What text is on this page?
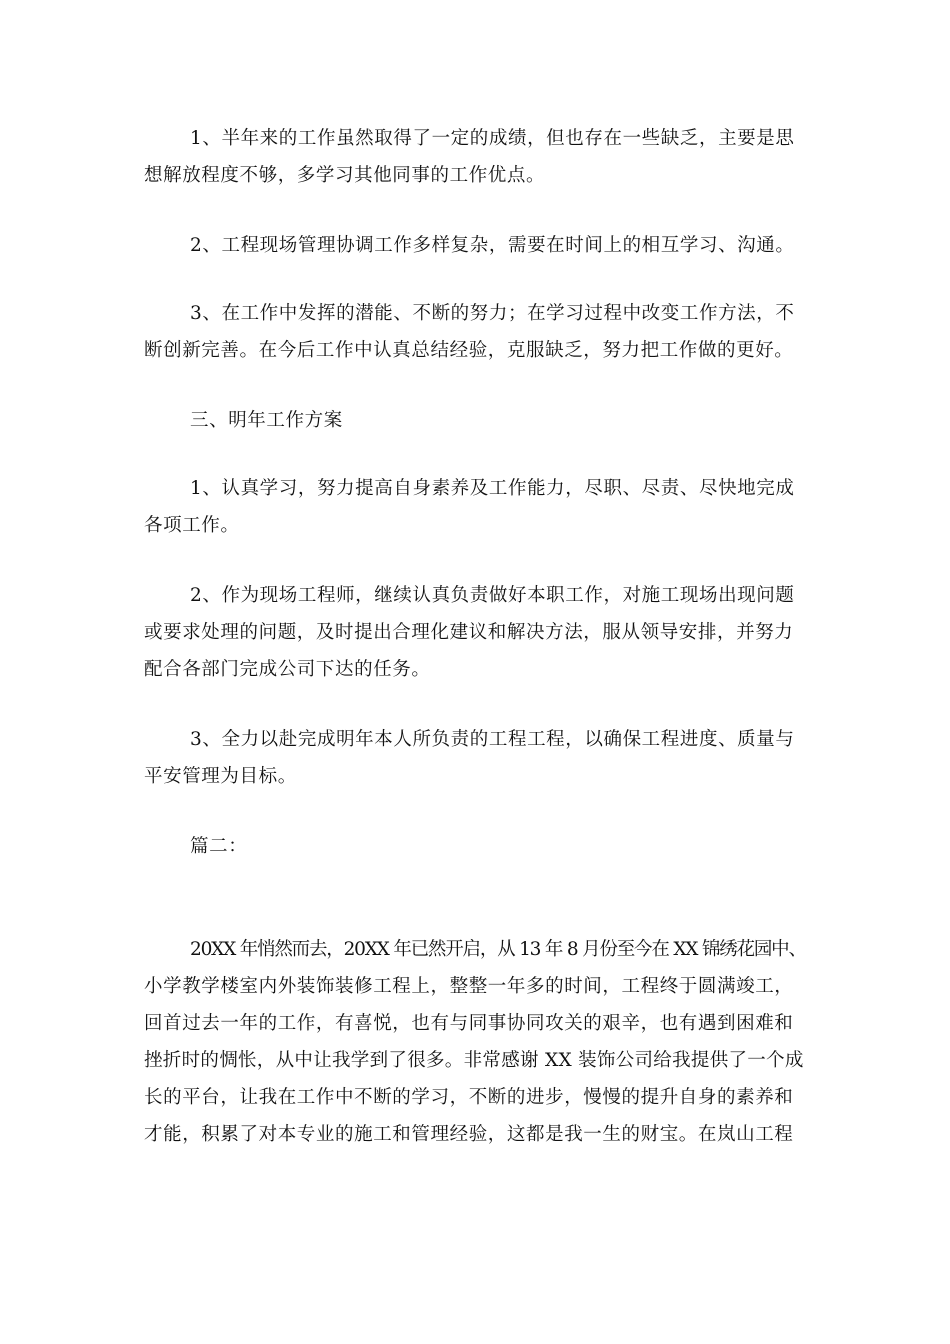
1、半年来的工作虽然取得了一定的成绩，但也存在一些缺乏，主要是思
想解放程度不够，多学习其他同事的工作优点。
2、工程现场管理协调工作多样复杂，需要在时间上的相互学习、沟通。
3、在工作中发挥的潜能、不断的努力；在学习过程中改变工作方法，不
断创新完善。在今后工作中认真总结经验，克服缺乏，努力把工作做的更好。
三、明年工作方案
1、认真学习，努力提高自身素养及工作能力，尽职、尽责、尽快地完成
各项工作。
2、作为现场工程师，继续认真负责做好本职工作，对施工现场出现问题
或要求处理的问题，及时提出合理化建议和解决方法，服从领导安排，并努力
配合各部门完成公司下达的任务。
3、全力以赴完成明年本人所负责的工程工程，以确保工程进度、质量与
平安管理为目标。
篇二：
20XX 年悄然而去，20XX 年已然开启，从 13 年 8 月份至今在 XX 锦绣花园中、
小学教学楼室内外装饰装修工程上，整整一年多的时间，工程终于圆满竣工，
回首过去一年的工作，有喜悦，也有与同事协同攻关的艰辛，也有遇到困难和
挫折时的惆怅，从中让我学到了很多。非常感谢 XX 装饰公司给我提供了一个成
长的平台，让我在工作中不断的学习，不断的进步，慢慢的提升自身的素养和
才能，积累了对本专业的施工和管理经验，这都是我一生的财宝。在岚山工程
